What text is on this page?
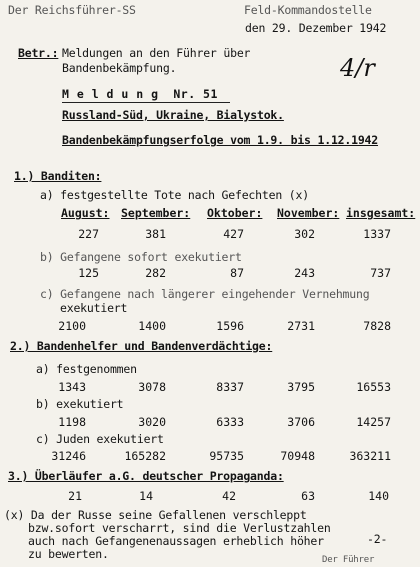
Der Reichsführer-SS	Feld-Kommandostelle
den 29. Dezember 1942
Betr.: Meldungen an den Führer über
Bandenbekämpfung.	4/r
M e l d u n g  Nr. 51
Russland-Süd, Ukraine, Bialystok.
Bandenbekämpfungserfolge vom 1.9. bis 1.12.1942
1.) Banditen:
a) festgestellte Tote nach Gefechten (x)
August: September: Oktober: November: insgesamt:
227	381	427	302	1337
b) Gefangene sofort exekutiert
125	282	87	243	737
c) Gefangene nach längerer eingehender Vernehmung
exekutiert
2100	1400	1596	2731	7828
2.) Bandenhelfer und Bandenverdächtige:
a) festgenommen
1343	3078	8337	3795	16553
b) exekutiert
1198	3020	6333	3706	14257
c) Juden exekutiert
31246	165282	95735	70948	363211
3.) Überläufer a.G. deutscher Propaganda:
21	14	42	63	140
(x) Da der Russe seine Gefallenen verschleppt
bzw.sofort verscharrt, sind die Verlustzahlen
auch nach Gefangenenaussagen erheblich höher
zu bewerten.
-2-
Der Führer
